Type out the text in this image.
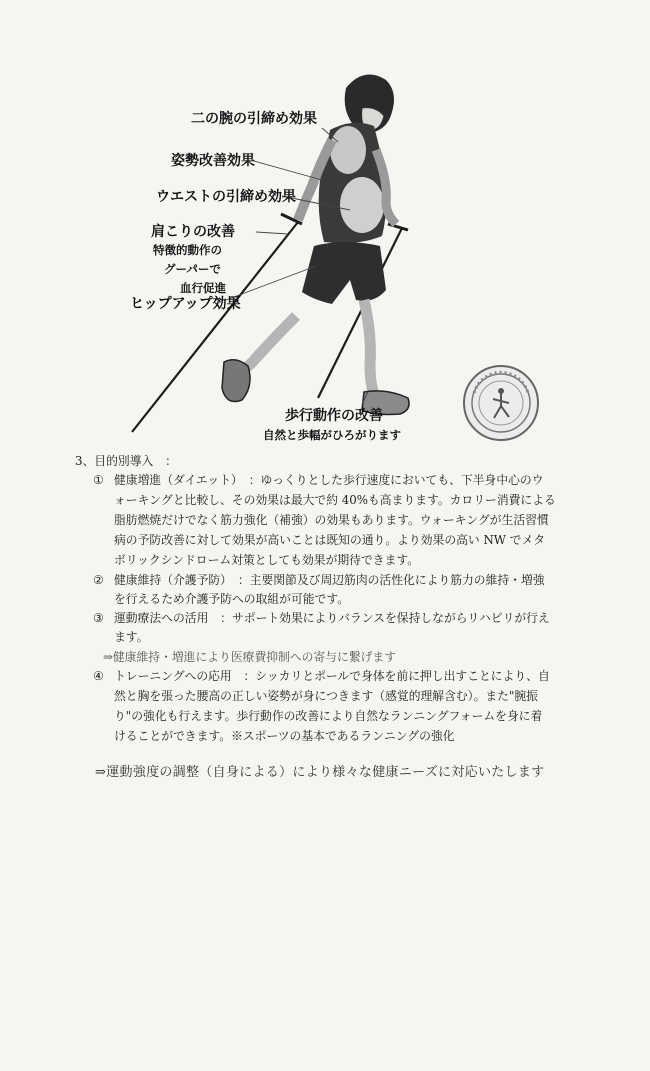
二の腕の引締め効果
姿勢改善効果
ウエストの引締め効果
肩こりの改善
特徴的動作の
グーパーで
血行促進
ヒップアップ効果
歩行動作の改善
自然と歩幅がひろがります
3、目的別導入　：
① 健康増進（ダイエット）　：ゆっくりとした歩行速度においても、下半身中心のウ
ォーキングと比較し、その効果は最大で約 40%も高まります。カロリー消費による
脂肪燃焼だけでなく筋力強化（補強）の効果もあります。ウォーキングが生活習慣
病の予防改善に対して効果が高いことは既知の通り。より効果の高い NW でメタ
ボリックシンドローム対策としても効果が期待できます。
② 健康維持（介護予防）　：主要関節及び周辺筋肉の活性化により筋力の維持・増強
を行えるため介護予防への取組が可能です。
③ 運動療法への活用　：サポート効果によりバランスを保持しながらリハビリが行え
ます。
⇒健康維持・増進により医療費抑制への寄与に繋げます
④ トレーニングへの応用　：シッカリとポールで身体を前に押し出すことにより、自
然と胸を張った腰高の正しい姿勢が身につきます（感覚的理解含む）。また"腕振
り"の強化も行えます。歩行動作の改善により自然なランニングフォームを身に着
けることができます。※スポーツの基本であるランニングの強化
⇒運動強度の調整（自身による）により様々な健康ニーズに対応いたします
